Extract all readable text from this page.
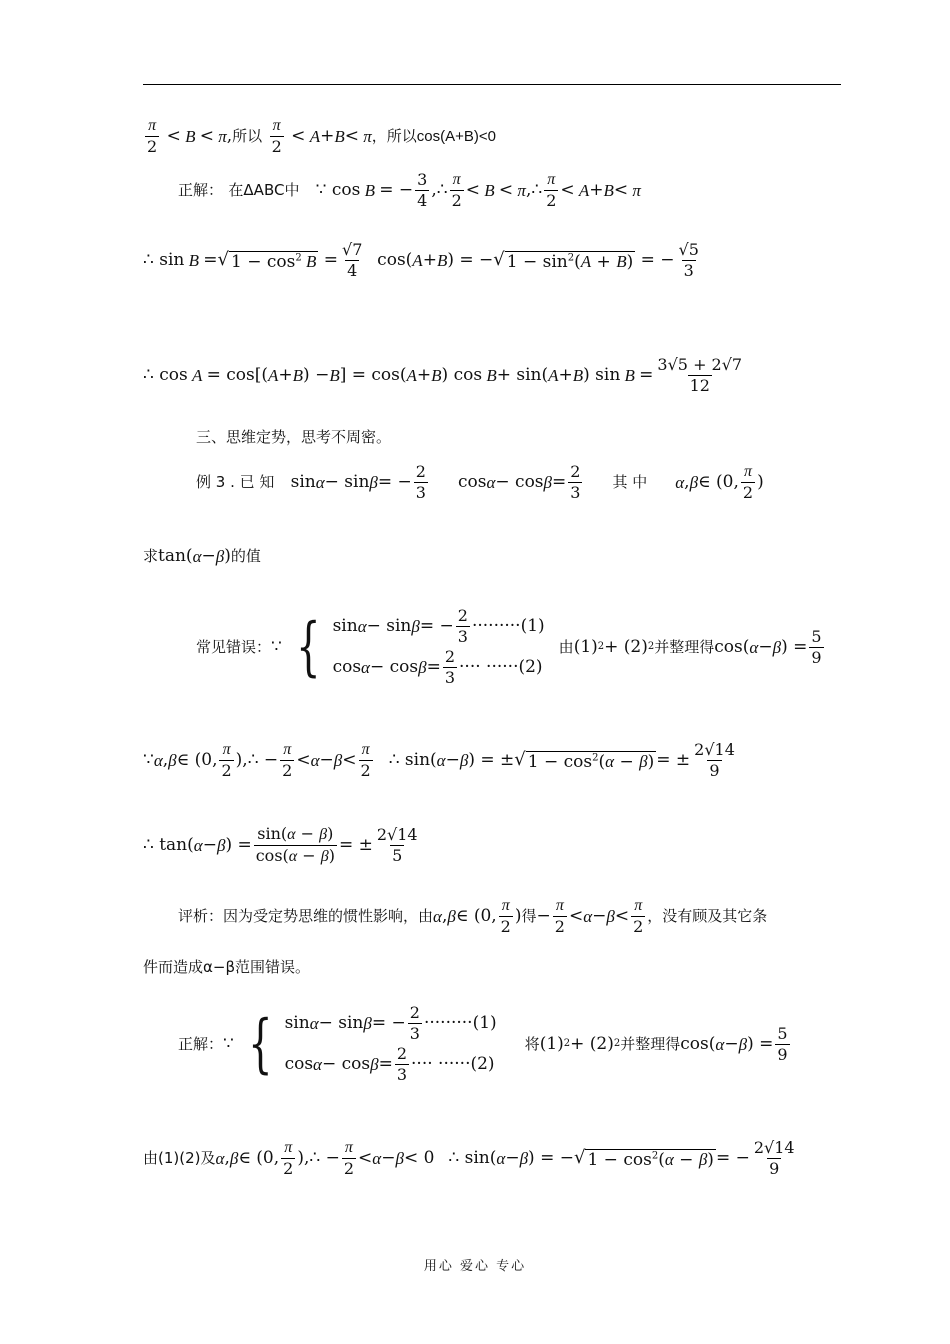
$\frac{\pi}{2} < B < \pi$ , 所以
$\frac{\pi}{2} < A + B < \pi$ ，所以 cos(A+B)<0
正解：
在ΔABC中 ∵ cos B = − $\frac{3}{4}$ ,∴ $\frac{\pi}{2} < B < \pi$ ,∴ $\frac{\pi}{2} < A + B < \pi$
∴ sin B = √ $1 - \cos^2 B = \frac{√7}{4} \cos$( A + B ) = − √ $1 - \sin^2(A + B)$ = − $\frac{√5}{3}$
∴ cos A = cos[( A + B ) − B ] = cos( A + B ) cos B + sin( A + B ) $\sin B = \frac{3√5 + 2√7}{12}$
三、思维定势，思考不周密。
例 3 . 已 知 sin α − sin β = − $\frac{2}{3}$ $\cos \alpha - \cos \beta = \frac{2}{3}$ 其 中 α , β ∈ (0, $\frac{\pi}{2}$ )
求 tan( α − β ) 的值
常见错误： ∵ { sin α − sin β = − $\frac{2}{3} \cdot\cdot\cdot\cdot\cdot\cdot\cdot\cdot\cdot(1)$
$\cos \alpha - \cos \beta = \frac{2}{3}$ ···· ······(2)
由 (1) 2 + (2) 2 并整理得 cos( α − β ) = $\frac{5}{9}$
∵ α , β ∈ (0, $\frac{\pi}{2}$ ),∴ − $\frac{\pi}{2} < \alpha - \beta < \frac{\pi}{2}$ ∴ sin( α − β ) = ± √ $1 - \cos^2(\alpha - \beta)$ = ± $\frac{2√14}{9}$
∴ tan( α − β ) = $\frac{\sin(\alpha - \beta)}{\cos(\alpha - \beta)}$ = ± $\frac{2√14}{5}$
评析：因为受定势思维的惯性影响，由 α , β ∈ (0, $\frac{\pi}{2}$ ) 得 − $\frac{\pi}{2} < \alpha - \beta < \frac{\pi}{2}$ ，没有顾及其它条
件而造成α−β范围错误。
正解： ∵ { sin α − sin β = − $\frac{2}{3} \cdot\cdot\cdot\cdot\cdot\cdot\cdot\cdot\cdot(1)$
$\cos \alpha - \cos \beta = \frac{2}{3}$ ···· ······(2)
将 (1) 2 + (2) 2 并整理得 cos( α − β ) = $\frac{5}{9}$
由(1)(2)及 α , β ∈ (0, $\frac{\pi}{2}$ ),∴ − $\frac{\pi}{2} < \alpha - \beta < 0$
∴ sin( α − β ) = − √ $1 - \cos^2(\alpha - \beta)$ = − $\frac{2√14}{9}$
用心 爱心 专心
